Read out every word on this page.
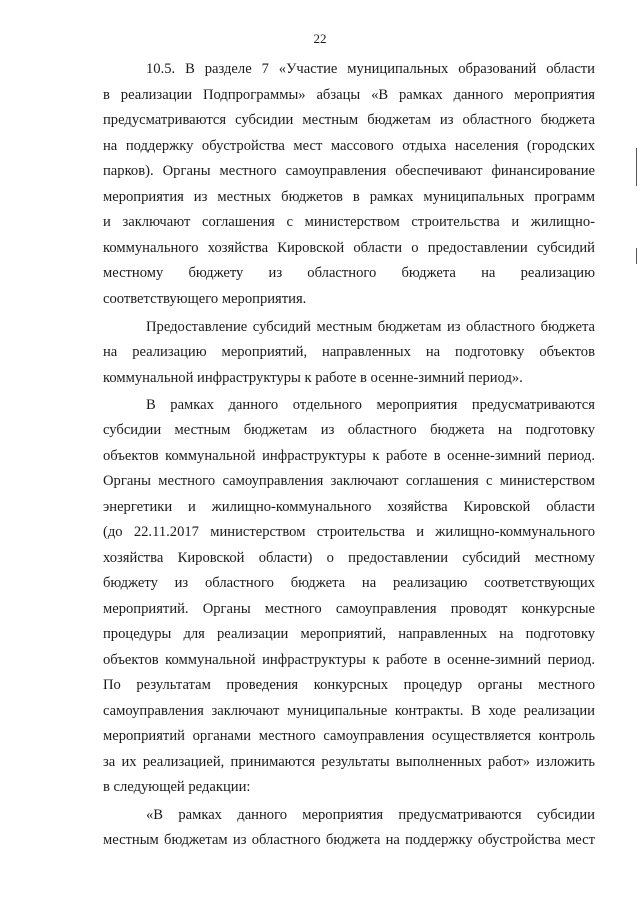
22
10.5. В разделе 7 «Участие муниципальных образований области
в реализации Подпрограммы» абзацы «В рамках данного мероприятия
предусматриваются субсидии местным бюджетам из областного бюджета
на поддержку обустройства мест массового отдыха населения (городских
парков). Органы местного самоуправления обеспечивают финансирование
мероприятия из местных бюджетов в рамках муниципальных программ
и заключают соглашения с министерством строительства и жилищно-
коммунального хозяйства Кировской области о предоставлении субсидий
местному бюджету из областного бюджета на реализацию
соответствующего мероприятия.
Предоставление субсидий местным бюджетам из областного бюджета
на реализацию мероприятий, направленных на подготовку объектов
коммунальной инфраструктуры к работе в осенне-зимний период».
В рамках данного отдельного мероприятия предусматриваются
субсидии местным бюджетам из областного бюджета на подготовку
объектов коммунальной инфраструктуры к работе в осенне-зимний период.
Органы местного самоуправления заключают соглашения с министерством
энергетики и жилищно-коммунального хозяйства Кировской области
(до 22.11.2017 министерством строительства и жилищно-коммунального
хозяйства Кировской области) о предоставлении субсидий местному
бюджету из областного бюджета на реализацию соответствующих
мероприятий. Органы местного самоуправления проводят конкурсные
процедуры для реализации мероприятий, направленных на подготовку
объектов коммунальной инфраструктуры к работе в осенне-зимний период.
По результатам проведения конкурсных процедур органы местного
самоуправления заключают муниципальные контракты. В ходе реализации
мероприятий органами местного самоуправления осуществляется контроль
за их реализацией, принимаются результаты выполненных работ» изложить
в следующей редакции:
«В рамках данного мероприятия предусматриваются субсидии
местным бюджетам из областного бюджета на поддержку обустройства мест
